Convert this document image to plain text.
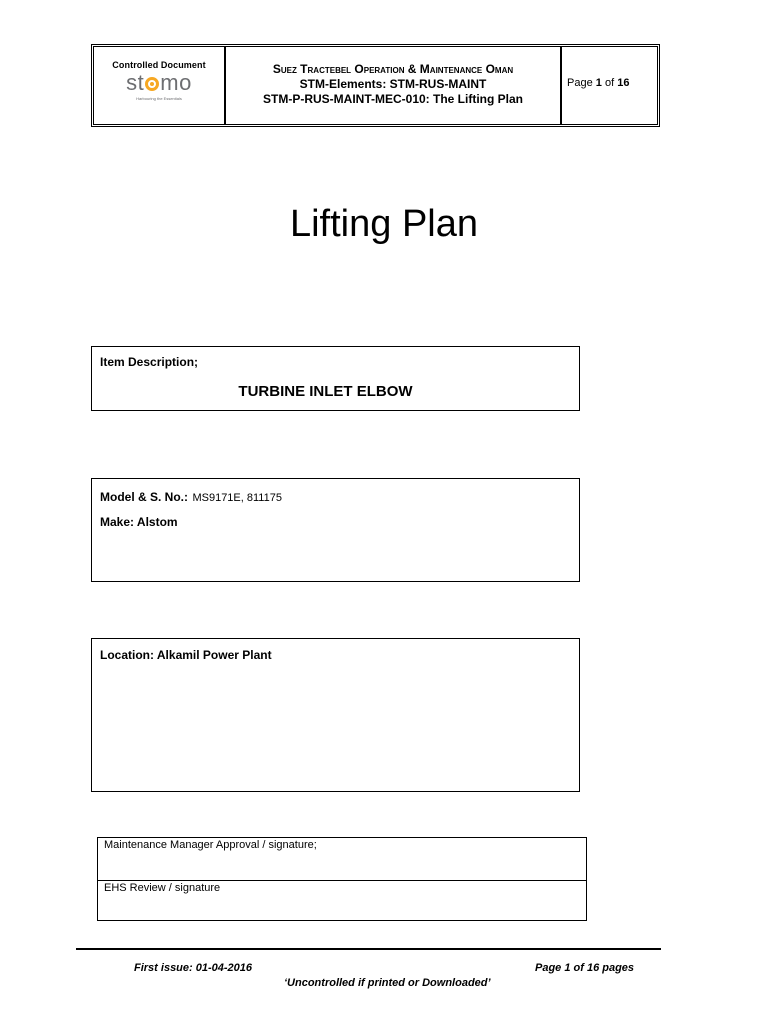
Controlled Document
st mo
Harbouring the Essentials
Suez Tractebel Operation & Maintenance Oman
STM-Elements: STM-RUS-MAINT
STM-P-RUS-MAINT-MEC-010: The Lifting Plan
Page 1 of 16
Lifting Plan
Item Description;
TURBINE INLET ELBOW
Model & S. No.: MS9171E, 811175
Make: Alstom
Location: Alkamil Power Plant
Maintenance Manager Approval / signature;
EHS Review / signature
First issue: 01-04-2016	Page 1 of 16 pages
‘Uncontrolled if printed or Downloaded’
